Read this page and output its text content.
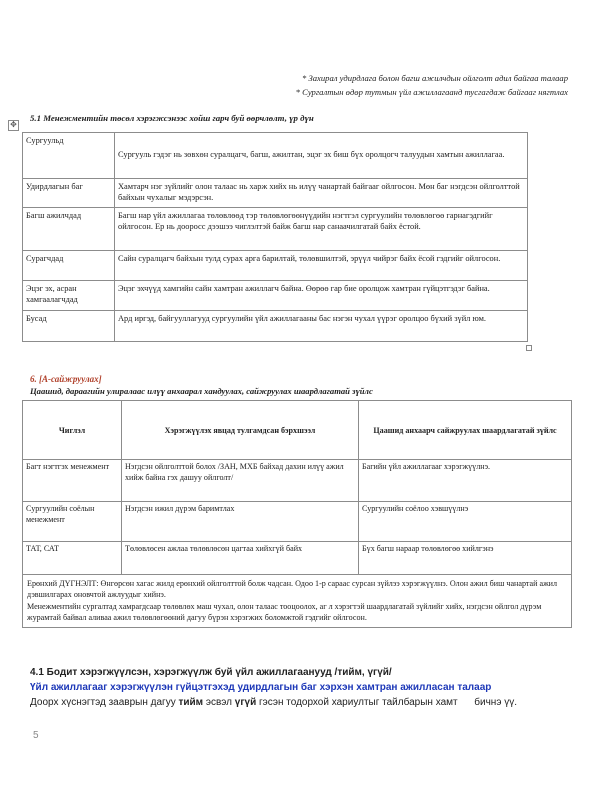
* Захирал удирдлага болон багш ажилчдын ойлголт адил байгаа талаар
* Сургалтын өдөр тутмын үйл ажиллагаанд тусгагдаж байгааг нягтлах
5.1 Менежментийн төсөл хэрэгжсэнээс хойш гарч буй өөрчлөлт, үр дүн
✥
Сургуульд	Сургууль гэдэг нь зөвхөн суралцагч, багш, ажилтан, эцэг эх биш бүх оролцогч талуудын хамтын ажиллагаа.

Удирдлагын баг	Хамтарч нэг зүйлийг олон талаас нь харж хийх нь илүү чанартай байгааг ойлгосон. Мөн баг нэгдсэн ойлголттой байхын чухалыг мэдэрсэн.
Багш ажилчдад	Багш нар үйл ажиллагаа төлөвлөөд тэр төлөвлөгөөнүүдийн нэгтгэл сургуулийн төлөвлөгөө гарнагэдгийг ойлгосон. Ер нь дооросс дээшээ чиглэлтэй байж багш нар санаачилгатай байх ёстой.
Сурагчдад	Сайн суралцагч байхын тулд сурах арга барилтай, төлөвшилтэй, эрүүл чийрэг байх ёсой гэдгийг ойлгосон.
Эцэг эх, асран хамгаалагчдад	Эцэг эхчүүд хамгийн сайн хамтран ажиллагч байна. Өөрөө гар бие оролцож хамтран гүйцэтгэдэг байна.
Бусад	Ард иргэд, байгууллагууд сургуулийн үйл ажиллагааны бас нэгэн чухал үүрэг оролцоо бүхий зүйл юм.
6. [А-сайжруулах]
Цаашид, дараагийн улиралаас илүү анхаарал хандуулах, сайжруулах шаардлагатай зүйлс
Чиглэл	Хэрэгжүүлэх явцад тулгамдсан бэрхшээл	Цаашид анхаарч сайжруулах шаардлагатай зүйлс
Багт нэгтгэх менежмент	Нэгдсэн ойлголттой болох /ЗАН, МХБ байхад дахин илүү ажил хийж байна гэх дашуу ойлголт/	Багийн үйл ажиллагааг хэрэгжүүлнэ.
Сургуулийн соёлын менежмент	Нэгдсэн ижил дүрэм баримтлах	Сургуулийн соёлоо хэвшүүлнэ
ТАТ, САТ	Төлөвлөсен ажлаа төлөвлөсөн цагтаа хийхгүй байх	Бүх багш нараар төлөвлөгөө хийлгэнэ

Ерөнхий ДҮГНЭЛТ: Өнгөрсөн хагас жилд ерөнхий ойлголттой болж чадсан. Одоо 1-р сараас сурсан зүйлээ хэрэгжүүлнэ. Олон ажил биш чанартай ажил дэвшилгарах оновчтой ажлуудыг хийнэ.
Менежментийн сургалтад хамрагдсаар төлөвлөх маш чухал, олон талаас тооцоолох, аг л хэрэгтэй шаардлагатай зүйлийг хийх, нэгдсэн ойлгол дүрэм журамтай байвал аливаа ажил төлөвлөгөөний дагуу бүрэн хэрэгжих боломжтой гэдгийг ойлгосон.		
4.1 Бодит хэрэгжүүлсэн, хэрэгжүүлж буй үйл ажиллагаанууд /тийм, үгүй/
Үйл ажиллагааг хэрэгжүүлэн гүйцэтгэхэд удирдлагын баг хэрхэн хамтран ажилласан талаар
Доорх хүснэгтэд зааврын дагуу тийм эсвэл үгүй гэсэн тодорхой хариултыг тайлбарын хамт      бичнэ үү.
5
